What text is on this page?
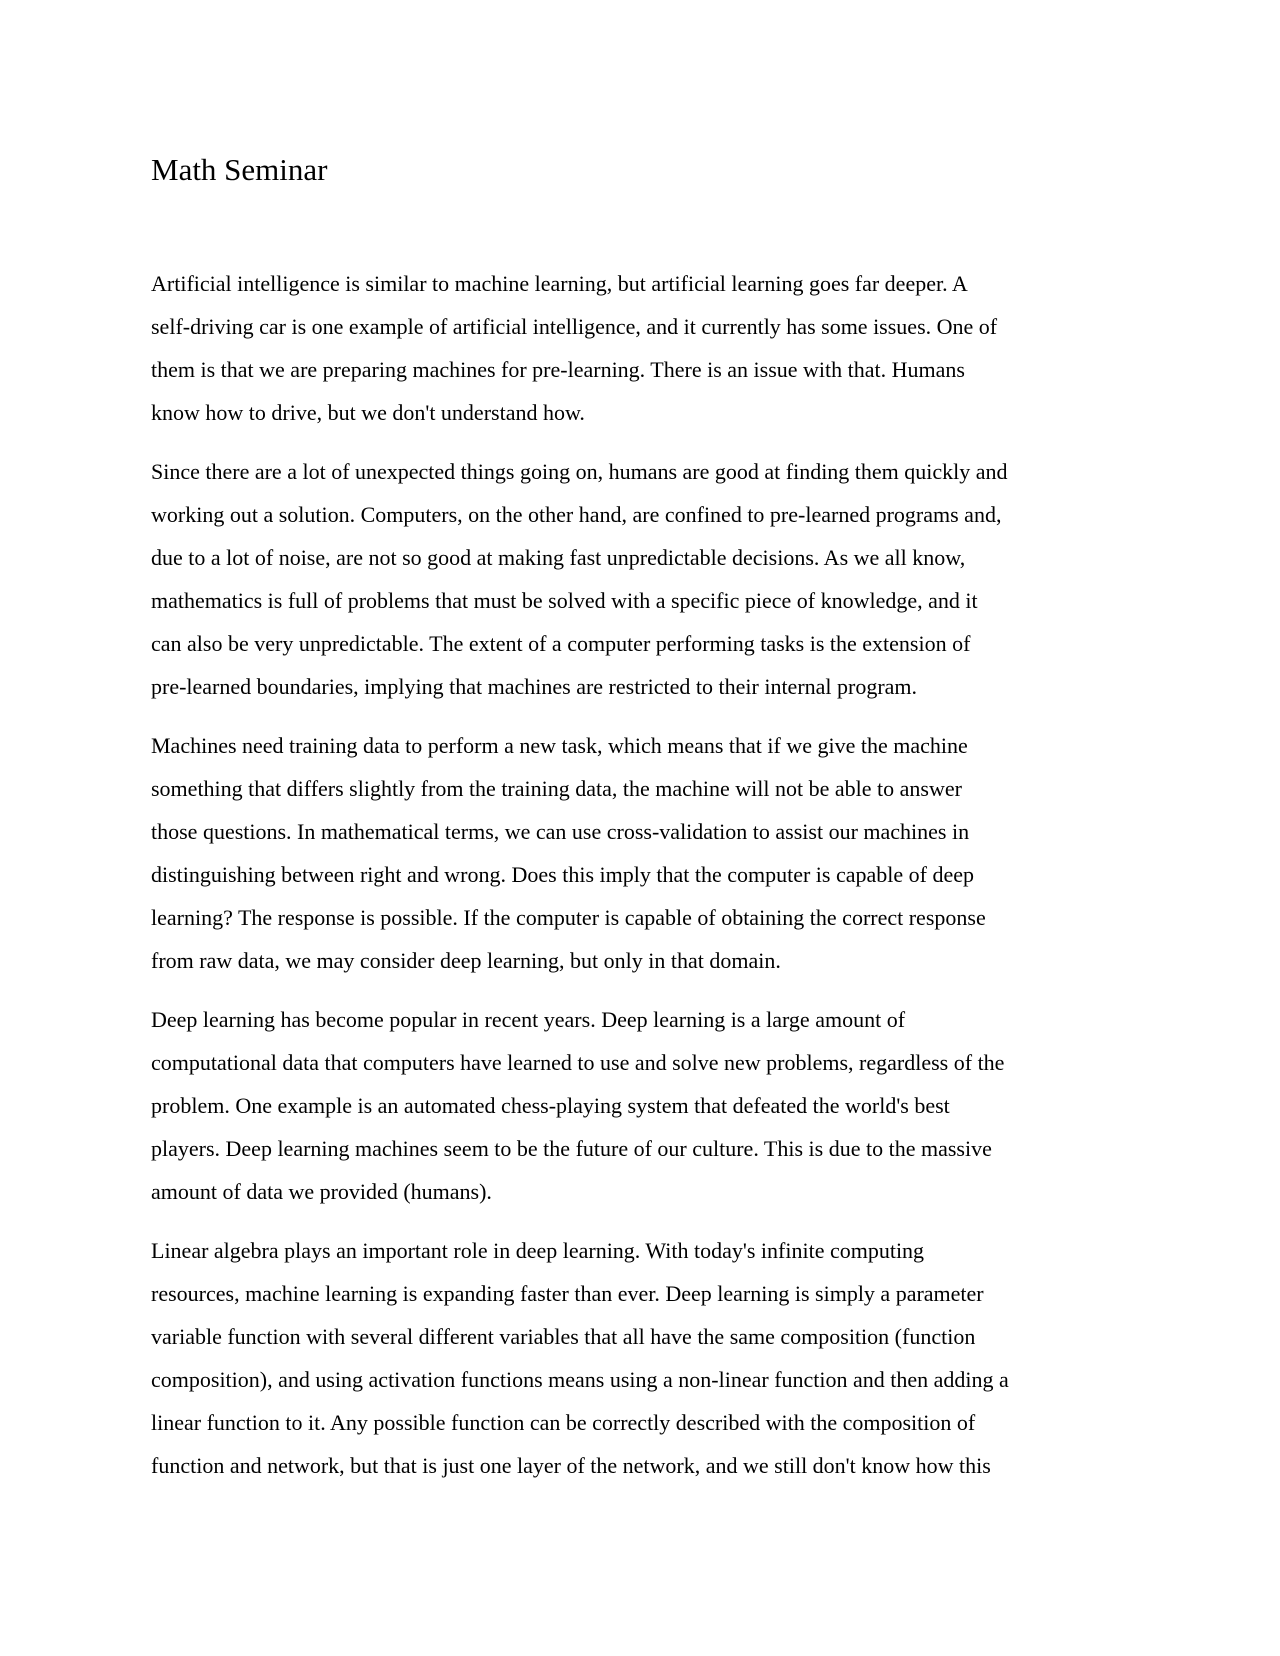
Math Seminar

Artificial intelligence is similar to machine learning, but artificial learning goes far deeper. A
self-driving car is one example of artificial intelligence, and it currently has some issues. One of
them is that we are preparing machines for pre-learning. There is an issue with that. Humans
know how to drive, but we don't understand how.

Since there are a lot of unexpected things going on, humans are good at finding them quickly and
working out a solution. Computers, on the other hand, are confined to pre-learned programs and,
due to a lot of noise, are not so good at making fast unpredictable decisions. As we all know,
mathematics is full of problems that must be solved with a specific piece of knowledge, and it
can also be very unpredictable. The extent of a computer performing tasks is the extension of
pre-learned boundaries, implying that machines are restricted to their internal program.

Machines need training data to perform a new task, which means that if we give the machine
something that differs slightly from the training data, the machine will not be able to answer
those questions. In mathematical terms, we can use cross-validation to assist our machines in
distinguishing between right and wrong. Does this imply that the computer is capable of deep
learning? The response is possible. If the computer is capable of obtaining the correct response
from raw data, we may consider deep learning, but only in that domain.

Deep learning has become popular in recent years. Deep learning is a large amount of
computational data that computers have learned to use and solve new problems, regardless of the
problem. One example is an automated chess-playing system that defeated the world's best
players. Deep learning machines seem to be the future of our culture. This is due to the massive
amount of data we provided (humans).

Linear algebra plays an important role in deep learning. With today's infinite computing
resources, machine learning is expanding faster than ever. Deep learning is simply a parameter
variable function with several different variables that all have the same composition (function
composition), and using activation functions means using a non-linear function and then adding a
linear function to it. Any possible function can be correctly described with the composition of
function and network, but that is just one layer of the network, and we still don't know how this
